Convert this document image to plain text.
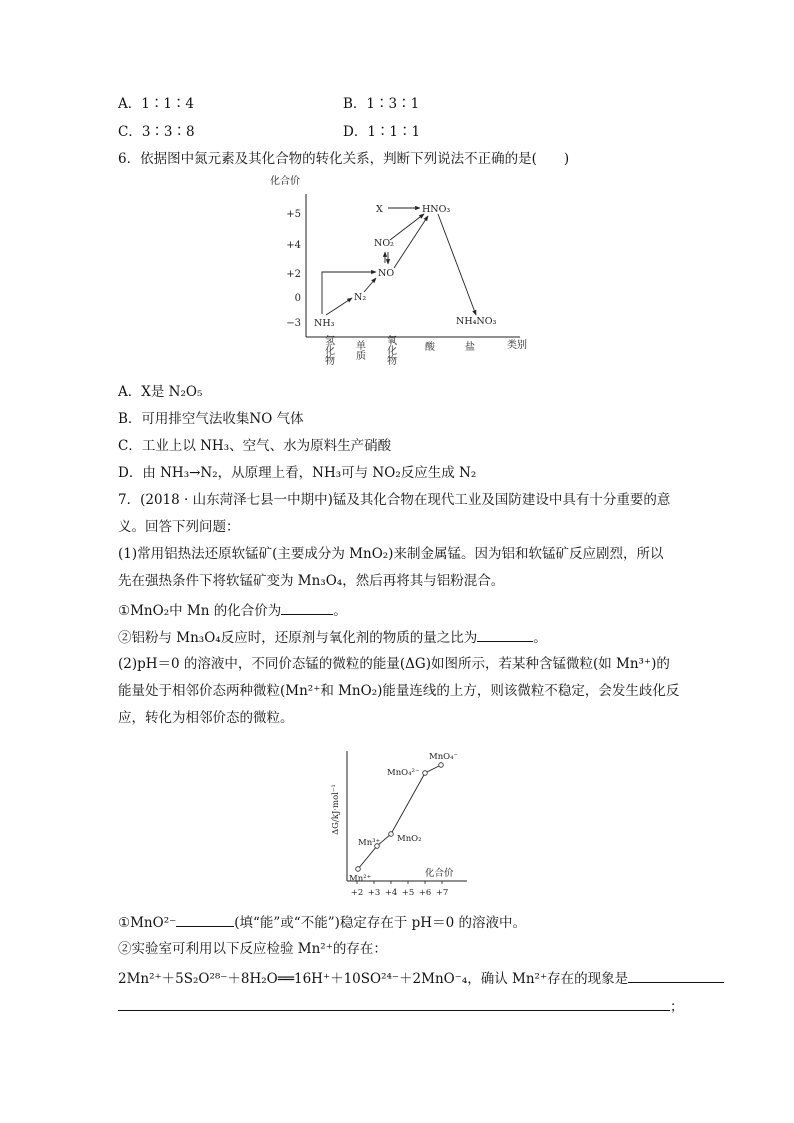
A．1∶1∶4	B．1∶3∶1
C．3∶3∶8	D．1∶1∶1
6．依据图中氮元素及其化合物的转化关系，判断下列说法不正确的是(　　)
化合价
+5
+4
+2
0
−3
氢化物 单质 氧化物	酸	盐	类别
X	HNO₃
NO₂
NO
N₂
NH₃	NH₄NO₃
A．X是 N₂O₅
B．可用排空气法收集NO 气体
C．工业上以 NH₃、空气、水为原料生产硝酸
D．由 NH₃→N₂，从原理上看，NH₃可与 NO₂反应生成 N₂
7．(2018 · 山东菏泽七县一中期中)锰及其化合物在现代工业及国防建设中具有十分重要的意
义。回答下列问题：
(1)常用铝热法还原软锰矿(主要成分为 MnO₂)来制金属锰。因为铝和软锰矿反应剧烈，所以
先在强热条件下将软锰矿变为 Mn₃O₄，然后再将其与铝粉混合。
①MnO₂中 Mn 的化合价为	。
②铝粉与 Mn₃O₄反应时，还原剂与氧化剂的物质的量之比为	。
(2)pH＝0 的溶液中，不同价态锰的微粒的能量(ΔG)如图所示，若某种含锰微粒(如 Mn³⁺)的
能量处于相邻价态两种微粒(Mn²⁺和 MnO₂)能量连线的上方，则该微粒不稳定，会发生歧化反
应，转化为相邻价态的微粒。
ΔG/kJ·mol⁻¹
化合价
+2 +3 +4 +5 +6 +7
Mn²⁺
Mn³⁺ MnO₂
MnO₄²⁻
MnO₄⁻
①MnO²⁻	(填“能”或“不能”)稳定存在于 pH＝0 的溶液中。
②实验室可利用以下反应检验 Mn²⁺的存在：
2Mn²⁺＋5S₂O²⁸⁻＋8H₂O══16H⁺＋10SO²⁴⁻＋2MnO⁻₄，确认 Mn²⁺存在的现象是
；
